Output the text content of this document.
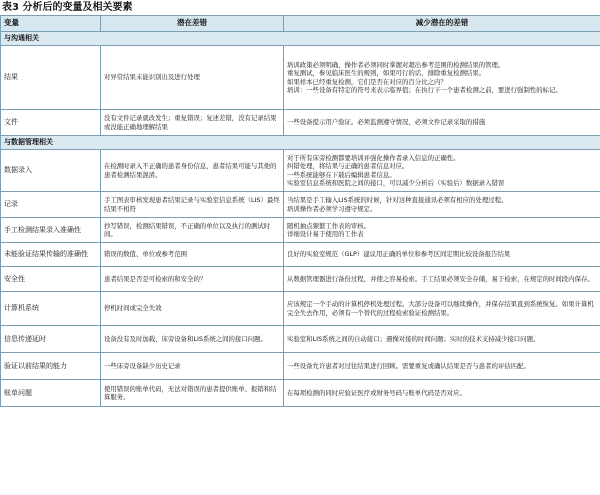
表3 分析后的变量及相关要素
变量	潜在差错	减少潜在的差错
与沟通相关		
结果	对异常结果未能识别出及进行处理	培训政策必须明确，操作者必须同时掌握对超出参考范围的检测结果的管理。
重复测试，参见临床医生的规则，如果可行的话，排除重复检测结果。
如果样本已经重复检测，它们是否在对应的百分比之内？
培训：一些设备有特定的符号来表示临界值；在执行下一个患者检测之前，要进行强制性的标记。

文件	没有文件记录就改发生；重复错误；复述差错，没有记录结果或没能正确地理解结果	一些设备提示用户验证。必须监测遵守情况，必须文件记录采取的措施

与数据管理相关		
数据录入	在检测时录入不正确的患者身份信息，患者结果可能与其他的患者检测结果混淆。	对于所有床旁检测都要培训并强化操作者录入信息的正确性。
纠错处理，将结果与正确的患者信息对应。
一些系统能够在下载后编辑患者信息。
实验室信息系统和医院之间的接口，可以减少分析后（实验后）数据录入错误

记录	手工图表审核发现患者结果记录与实验室信息系统（LIS）最终结果不相符	当结果是手工输入LIS系统的时候，针对这种直接通讯必须有相应的处理过程。
培训操作者必须学习遵守规定。

手工检测结果录入准确性	抄写错误，检测结果错误，不正确的单位以及执行的测试时间。	随机抽点频繁工作表的审核。
详细设计易于使用的工作表

未能验证结果传输的准确性	错误的数值、单位或参考范围	良好的实验室规范（GLP）建议用正确的单位和参考区间定期比较设备报告结果

安全性	患者结果是否是可检索的和安全的？	从数据管理器进行备份过程，并使之容易检索。手工结果必须安全存储，易于检索，在规定的时间段内保存。

计算机系统	停机时间或完全失效	应该规定一个手动的计算机停机处理过程。大部分设备可以继续操作，并保存结果直到系统恢复。如果计算机完全失去作用，必须有一个替代的过程检索验证检测结果。

信息传递延时	设备没有及时加载，床旁设备和LIS系统之间的接口问题。	实验室和LIS系统之间的自动接口；遇操对接的时间问题；实时的技术支持减少接口问题。

验证以前结果的能力	一些床旁设备缺少历史记录	一些设备允许患者对过往结果进行回顾。需要重复或确认结果是否与患者的评估匹配。

账单问题	使用错误的账单代码，无法对错误的患者提供账单、报销和结算服务。	在每项检测的同时应验证医疗或财务号码与账单代码是否对应。
